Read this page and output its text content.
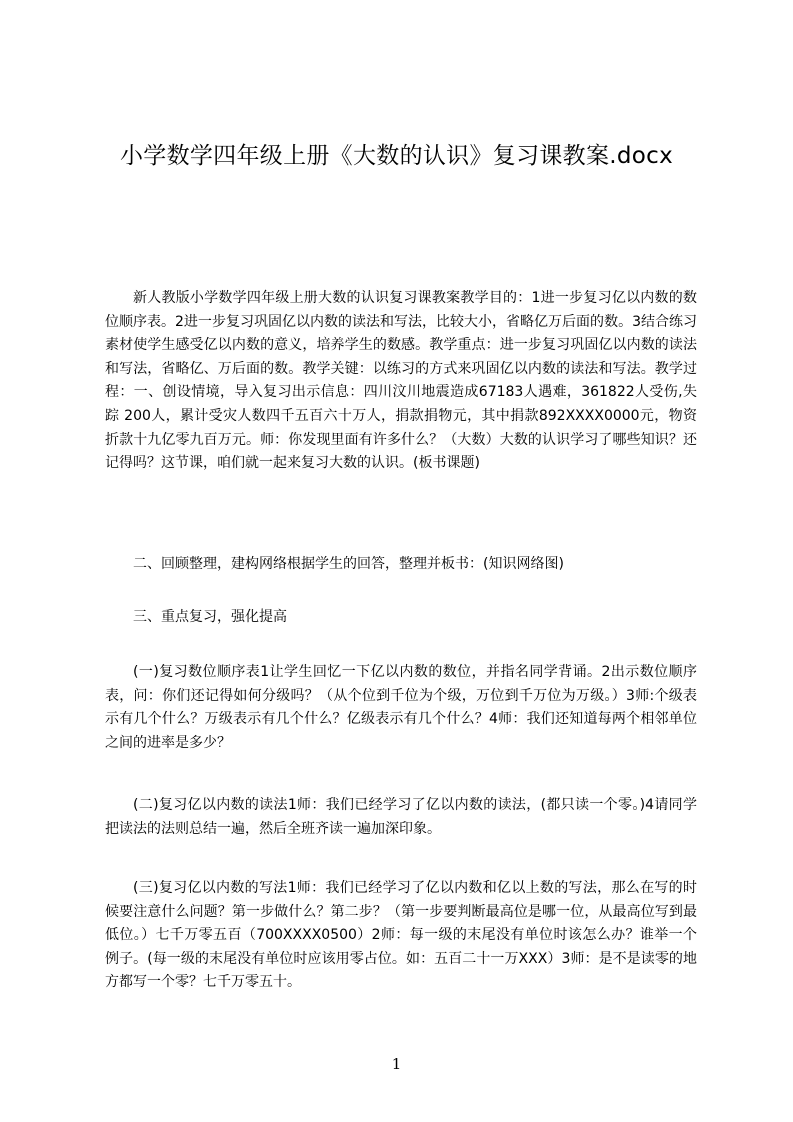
小学数学四年级上册《大数的认识》复习课教案.docx

新人教版小学数学四年级上册大数的认识复习课教案教学目的：1进一步复习亿以内数的数位顺序表。2进一步复习巩固亿以内数的读法和写法，比较大小，省略亿万后面的数。3结合练习素材使学生感受亿以内数的意义，培养学生的数感。教学重点：进一步复习巩固亿以内数的读法和写法，省略亿、万后面的数。教学关键：以练习的方式来巩固亿以内数的读法和写法。教学过程：一、创设情境，导入复习出示信息：四川汶川地震造成67183人遇难，361822人受伤,失踪 200人，累计受灾人数四千五百六十万人，捐款捐物元，其中捐款892XXXX0000元，物资折款十九亿零九百万元。师：你发现里面有许多什么？（大数）大数的认识学习了哪些知识？还记得吗？这节课，咱们就一起来复习大数的认识。(板书课题)

二、回顾整理，建构网络根据学生的回答，整理并板书：(知识网络图)

三、重点复习，强化提高

(一)复习数位顺序表1让学生回忆一下亿以内数的数位，并指名同学背诵。2出示数位顺序表，问：你们还记得如何分级吗？（从个位到千位为个级，万位到千万位为万级。）3师:个级表示有几个什么？万级表示有几个什么？亿级表示有几个什么？4师：我们还知道每两个相邻单位之间的进率是多少？

(二)复习亿以内数的读法1师：我们已经学习了亿以内数的读法，(都只读一个零。)4请同学把读法的法则总结一遍，然后全班齐读一遍加深印象。

(三)复习亿以内数的写法1师：我们已经学习了亿以内数和亿以上数的写法，那么在写的时候要注意什么问题？第一步做什么？第二步？（第一步要判断最高位是哪一位，从最高位写到最低位。）七千万零五百（700XXXX0500）2师：每一级的末尾没有单位时该怎么办？谁举一个例子。(每一级的末尾没有单位时应该用零占位。如：五百二十一万XXX）3师：是不是读零的地方都写一个零？七千万零五十。

1
